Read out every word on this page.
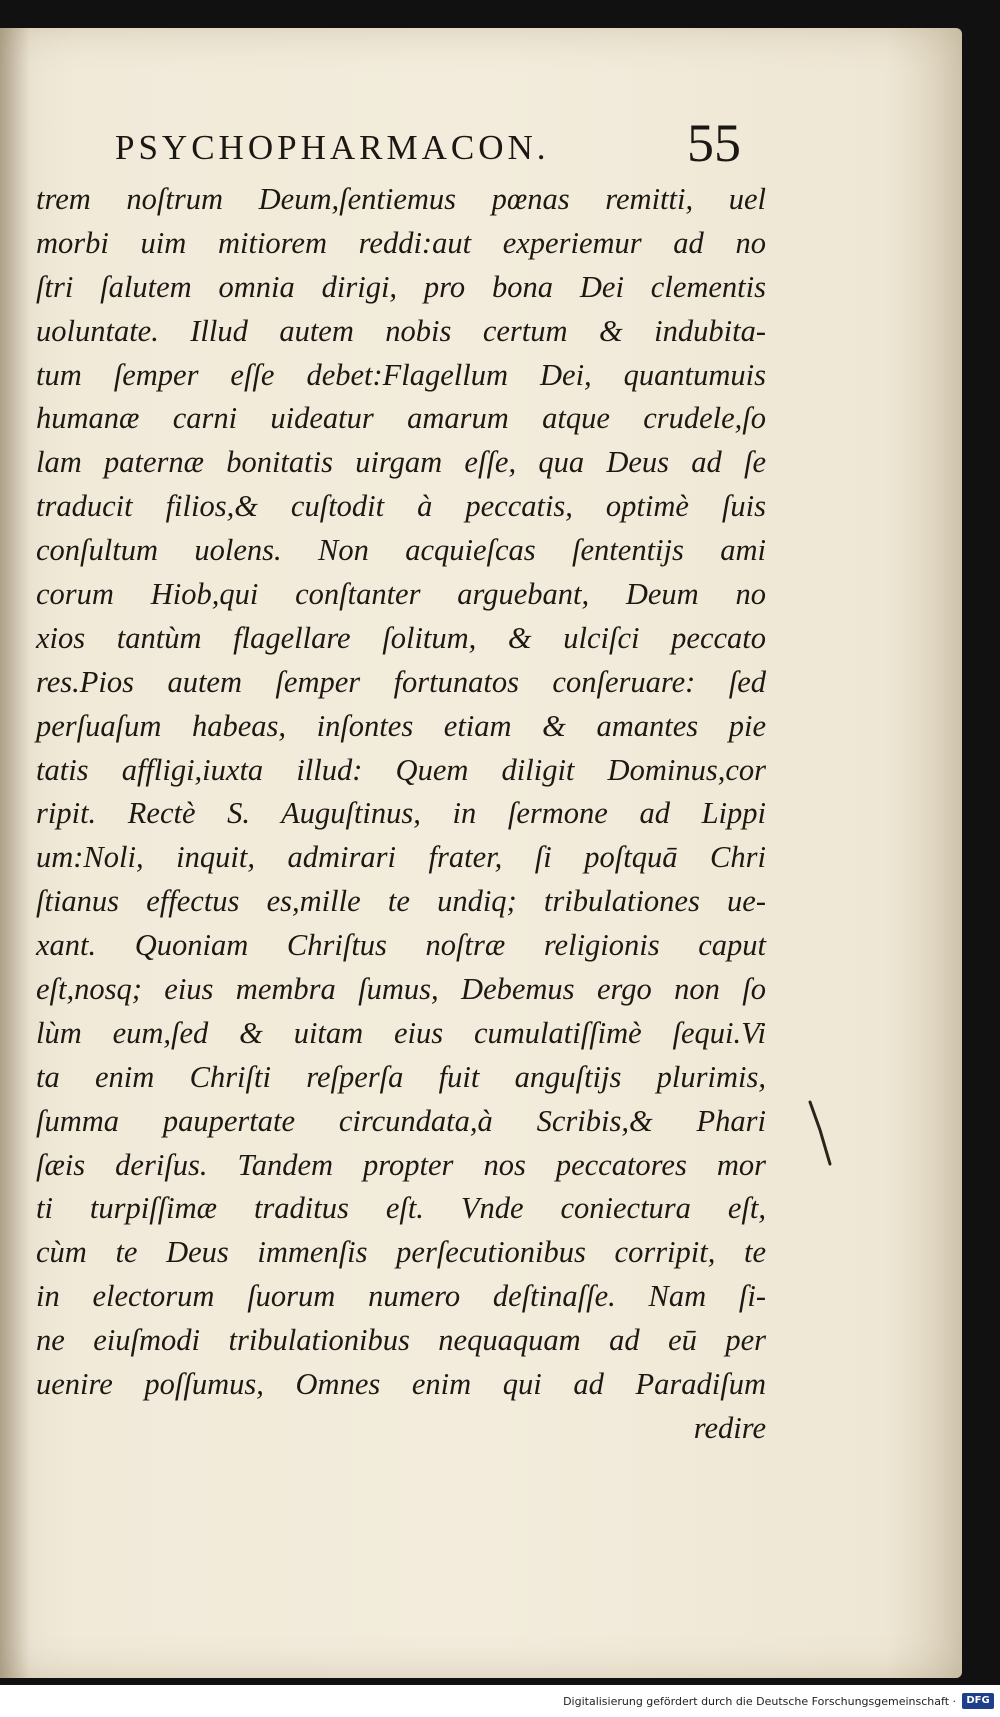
PSYCHOPHARMACON.	55
trem noſtrum Deum,ſentiemus pœnas remitti, uel
morbi uim mitiorem reddi:aut experiemur ad no
ſtri ſalutem omnia dirigi, pro bona Dei clementis
uoluntate. Illud autem nobis certum & indubita-
tum ſemper eſſe debet:Flagellum Dei, quantumuis
humanæ carni uideatur amarum atque crudele,ſo
lam paternæ bonitatis uirgam eſſe, qua Deus ad ſe
traducit filios,& cuſtodit à peccatis, optimè ſuis
conſultum uolens. Non acquieſcas ſententijs ami
corum Hiob,qui conſtanter arguebant, Deum no
xios tantùm flagellare ſolitum, & ulciſci peccato
res.Pios autem ſemper fortunatos conſeruare: ſed
perſuaſum habeas, inſontes etiam & amantes pie
tatis affligi,iuxta illud: Quem diligit Dominus,cor
ripit. Rectè S. Auguſtinus, in ſermone ad Lippi
um:Noli, inquit, admirari frater, ſi poſtquā Chri
ſtianus effectus es,mille te undiq; tribulationes ue-
xant. Quoniam Chriſtus noſtræ religionis caput
eſt,nosq; eius membra ſumus, Debemus ergo non ſo
lùm eum,ſed & uitam eius cumulatiſſimè ſequi.Vi
ta enim Chriſti reſperſa fuit anguſtijs plurimis,
ſumma paupertate circundata,à Scribis,& Phari
ſæis deriſus. Tandem propter nos peccatores mor
ti turpiſſimæ traditus eſt. Vnde coniectura eſt,
cùm te Deus immenſis perſecutionibus corripit, te
in electorum ſuorum numero deſtinaſſe. Nam ſi-
ne eiuſmodi tribulationibus nequaquam ad eū per
uenire poſſumus, Omnes enim qui ad Paradiſum
redire
Digitalisierung gefördert durch die Deutsche Forschungsgemeinschaft ·	DFG
